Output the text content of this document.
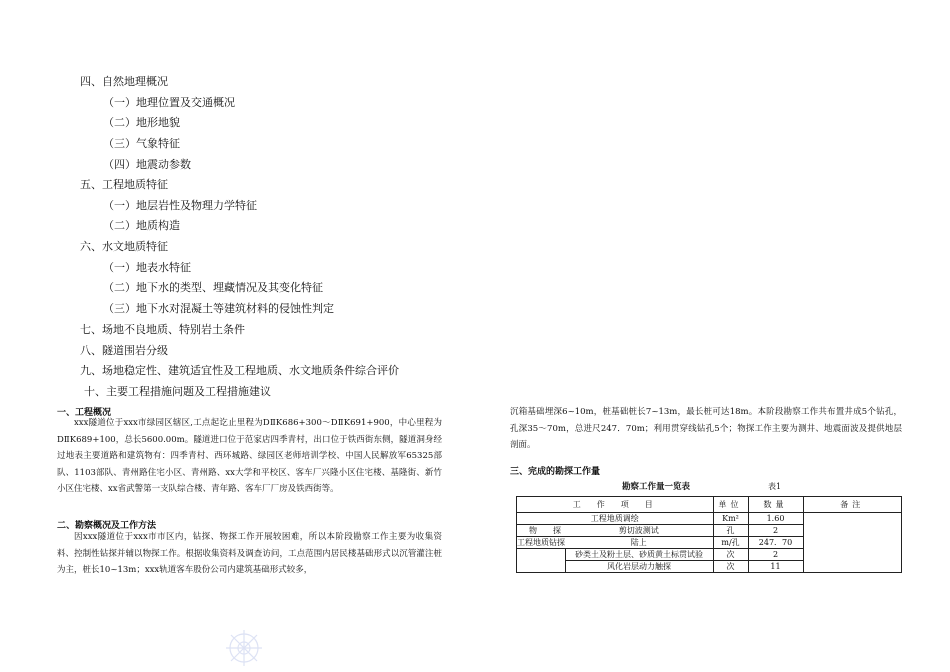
四、自然地理概况
（一）地理位置及交通概况
（二）地形地貌
（三）气象特征
（四）地震动参数
五、工程地质特征
（一）地层岩性及物理力学特征
（二）地质构造
六、水文地质特征
（一）地表水特征
（二）地下水的类型、埋藏情况及其变化特征
（三）地下水对混凝土等建筑材料的侵蚀性判定
七、场地不良地质、特别岩土条件
八、隧道围岩分级
九、场地稳定性、建筑适宜性及工程地质、水文地质条件综合评价
十、主要工程措施问题及工程措施建议
一、工程概况

xxx隧道位于xxx市绿园区辖区,工点起讫止里程为DⅡK686+300～DⅡK691+900，中心里程为DⅡK689+100，总长5600.00m。隧道进口位于范家店四季青村，出口位于铁西街东侧，隧道洞身经过地表主要道路和建筑物有：四季青村、西环城路、绿园区老师培训学校、中国人民解放军65325部队、1103部队、青州路住宅小区、青州路、xx大学和平校区、客车厂兴隆小区住宅楼、基隆街、新竹小区住宅楼、xx省武警第一支队综合楼、青年路、客车厂厂房及铁西街等。

二、勘察概况及工作方法

因xxx隧道位于xxx市市区内，钻探、物探工作开展较困难，所以本阶段勘察工作主要为收集资料、控制性钻探并辅以物探工作。根据收集资料及调查访问，工点范围内居民楼基础形式以沉管灌注桩为主，桩长10~13m；xxx轨道客车股份公司内建筑基础形式较多，

沉箱基础埋深6~10m，桩基础桩长7~13m，最长桩可达18m。本阶段勘察工作共布置井成5个钻孔，孔深35～70m，总进尺247．70m；利用贯穿线钻孔5个；物探工作主要为测井、地震面波及提供地层剖面。

三、完成的勘探工作量
勘察工作量一览表	表1
工　作　项　目		单位	数量	备注
工程地质调绘		Km²	1.60	
物　　探	剪切波测试	孔	2	
工程地质钻探	陆上	m/孔	247．70	
	砂类土及粉土层、砂质黄土标贯试验	次	2	
	风化岩层动力触探	次	11	
